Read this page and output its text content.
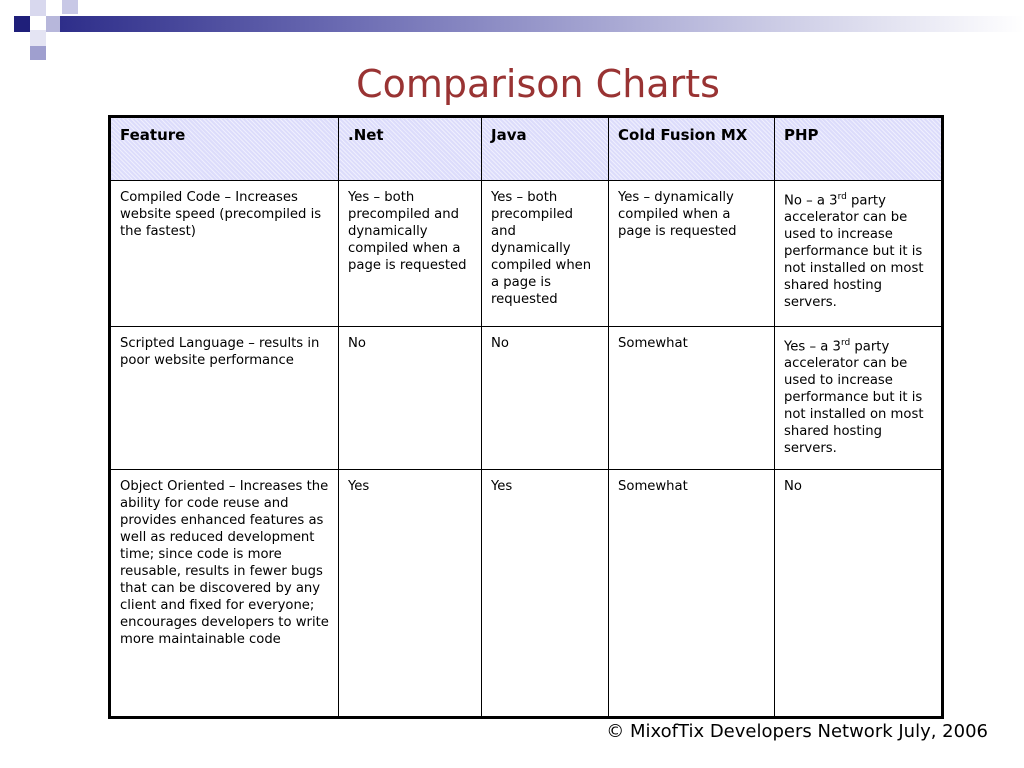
Comparison Charts
Feature	.Net	Java	Cold Fusion MX	PHP
Compiled Code – Increases website speed (precompiled is the fastest)	Yes – both precompiled and dynamically compiled when a page is requested	Yes – both precompiled and dynamically compiled when a page is requested	Yes – dynamically compiled when a page is requested	No – a 3rd party accelerator can be used to increase performance but it is not installed on most shared hosting servers.
Scripted Language – results in poor website performance	No	No	Somewhat	Yes – a 3rd party accelerator can be used to increase performance but it is not installed on most shared hosting servers.
Object Oriented – Increases the ability for code reuse and provides enhanced features as well as reduced development time; since code is more reusable, results in fewer bugs that can be discovered by any client and fixed for everyone; encourages developers to write more maintainable code	Yes	Yes	Somewhat	No
© MixofTix Developers Network July, 2006
